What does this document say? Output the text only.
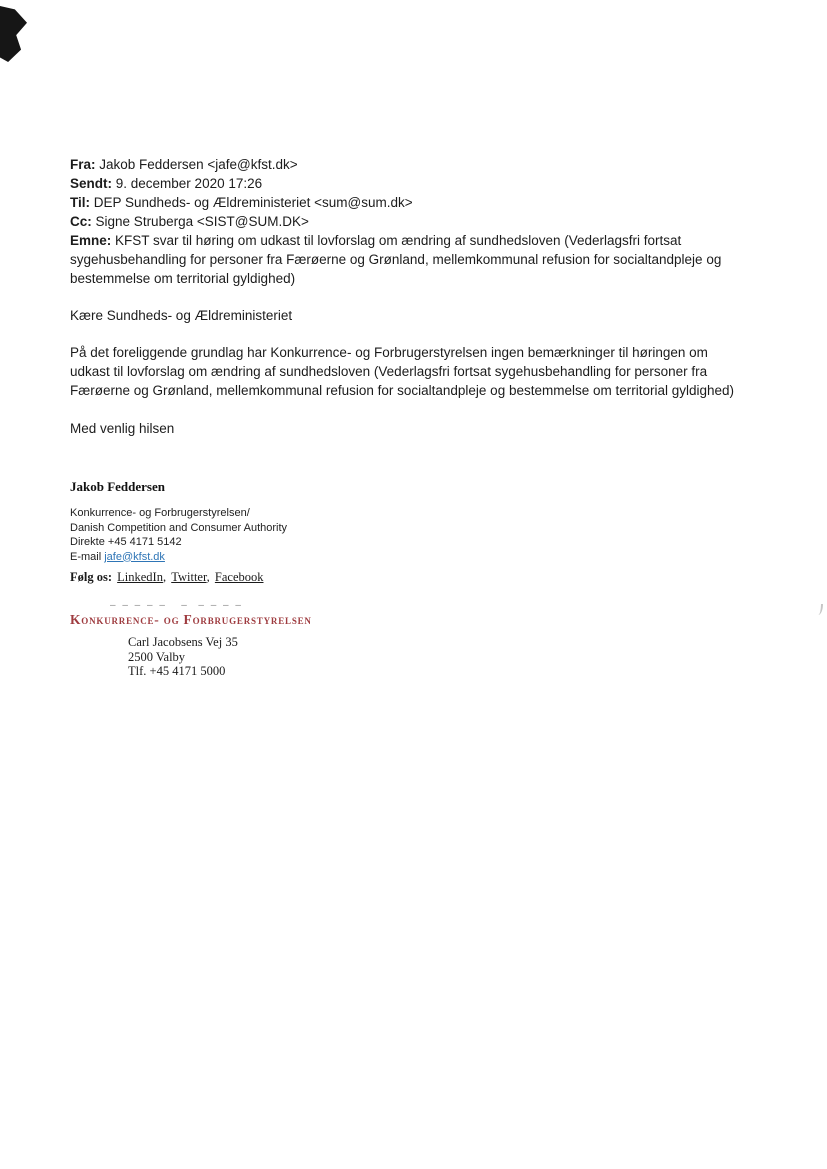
Fra: Jakob Feddersen <jafe@kfst.dk>

Sendt: 9. december 2020 17:26

Til: DEP Sundheds- og Ældreministeriet <sum@sum.dk>

Cc: Signe Struberga <SIST@SUM.DK>

Emne: KFST svar til høring om udkast til lovforslag om ændring af sundhedsloven (Vederlagsfri fortsat sygehusbehandling for personer fra Færøerne og Grønland, mellemkommunal refusion for socialtandpleje og bestemmelse om territorial gyldighed)

Kære Sundheds- og Ældreministeriet

På det foreliggende grundlag har Konkurrence- og Forbrugerstyrelsen ingen bemærkninger til høringen om udkast til lovforslag om ændring af sundhedsloven (Vederlagsfri fortsat sygehusbehandling for personer fra Færøerne og Grønland, mellemkommunal refusion for socialtandpleje og bestemmelse om territorial gyldighed)

Med venlig hilsen

Jakob Feddersen

Konkurrence- og Forbrugerstyrelsen/

Danish Competition and Consumer Authority

Direkte +45 4171 5142

E-mail jafe@kfst.dk

Følg os: LinkedIn, Twitter, Facebook

– – – – –   –  – – – –
Konkurrence- og Forbrugerstyrelsen

Carl Jacobsens Vej 35

2500 Valby

Tlf. +45 4171 5000
